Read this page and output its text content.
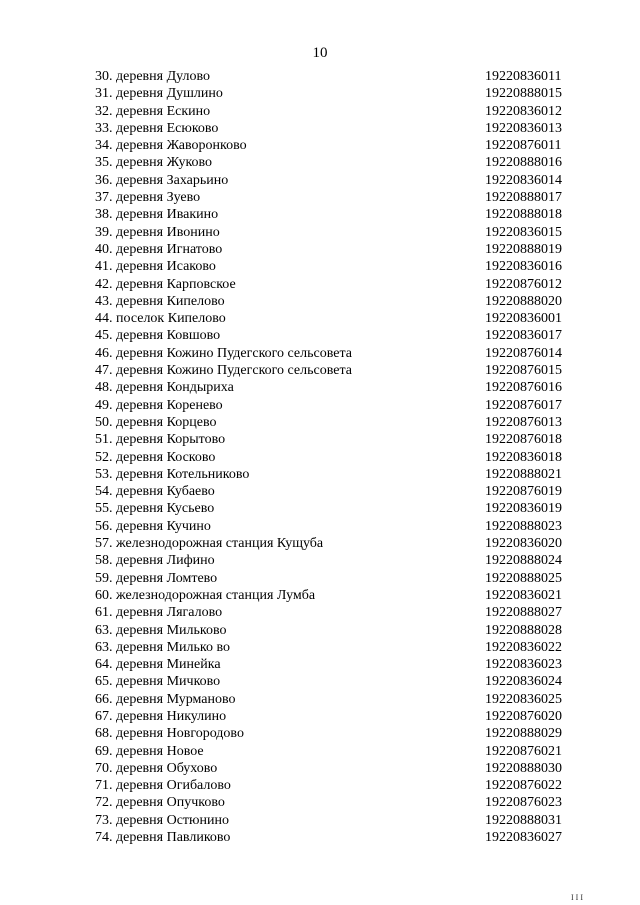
10
30. деревня Дулово	19220836011
31. деревня Душлино	19220888015
32. деревня Ескино	19220836012
33. деревня Есюково	19220836013
34. деревня Жаворонково	19220876011
35. деревня Жуково	19220888016
36. деревня Захарьино	19220836014
37. деревня Зуево	19220888017
38. деревня Ивакино	19220888018
39. деревня Ивонино	19220836015
40. деревня Игнатово	19220888019
41. деревня Исаково	19220836016
42. деревня Карповское	19220876012
43. деревня Кипелово	19220888020
44. поселок Кипелово	19220836001
45. деревня Ковшово	19220836017
46. деревня Кожино Пудегского сельсовета	19220876014
47. деревня Кожино Пудегского сельсовета	19220876015
48. деревня Кондыриха	19220876016
49. деревня Коренево	19220876017
50. деревня Корцево	19220876013
51. деревня Корытово	19220876018
52. деревня Косково	19220836018
53. деревня Котельниково	19220888021
54. деревня Кубаево	19220876019
55. деревня Кусьево	19220836019
56. деревня Кучино	19220888023
57. железнодорожная станция Кущуба	19220836020
58. деревня Лифино	19220888024
59. деревня Ломтево	19220888025
60. железнодорожная станция Лумба	19220836021
61. деревня Лягалово	19220888027
63. деревня Мильково	19220888028
63. деревня Милько во	19220836022
64. деревня Минейка	19220836023
65. деревня Мичково	19220836024
66. деревня Мурманово	19220836025
67. деревня Никулино	19220876020
68. деревня Новгородово	19220888029
69. деревня Новое	19220876021
70. деревня Обухово	19220888030
71. деревня Огибалово	19220876022
72. деревня Опучково	19220876023
73. деревня Остюнино	19220888031
74. деревня Павликово	19220836027
I I I
